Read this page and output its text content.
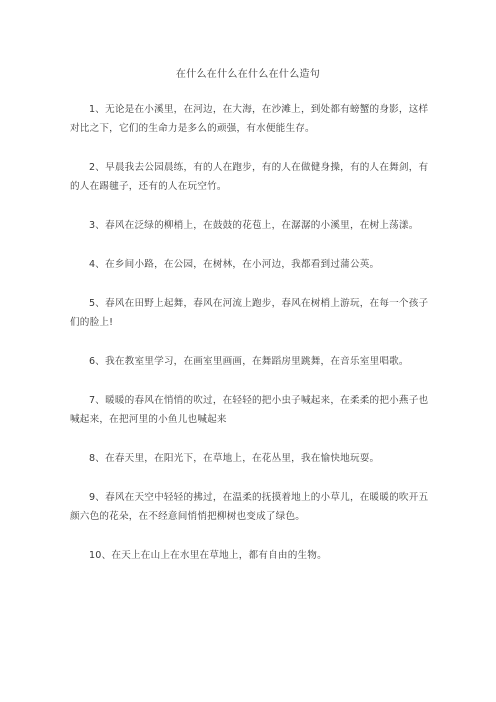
在什么在什么在什么在什么造句

1、无论是在小溪里，在河边，在大海，在沙滩上，到处都有螃蟹的身影，这样对比之下，它们的生命力是多么的顽强，有水便能生存。

2、早晨我去公园晨练，有的人在跑步，有的人在做健身操，有的人在舞剑，有的人在踢毽子，还有的人在玩空竹。

3、春风在泛绿的柳梢上，在鼓鼓的花苞上，在潺潺的小溪里，在树上荡漾。

4、在乡间小路，在公园，在树林，在小河边，我都看到过蒲公英。

5、春风在田野上起舞，春风在河流上跑步，春风在树梢上游玩，在每一个孩子们的脸上!

6、我在教室里学习，在画室里画画，在舞蹈房里跳舞，在音乐室里唱歌。

7、暖暖的春风在悄悄的吹过，在轻轻的把小虫子喊起来，在柔柔的把小燕子也喊起来，在把河里的小鱼儿也喊起来

8、在春天里，在阳光下，在草地上，在花丛里，我在愉快地玩耍。

9、春风在天空中轻轻的拂过，在温柔的抚摸着地上的小草儿，在暖暖的吹开五颜六色的花朵，在不经意间悄悄把柳树也变成了绿色。

10、在天上在山上在水里在草地上，都有自由的生物。
